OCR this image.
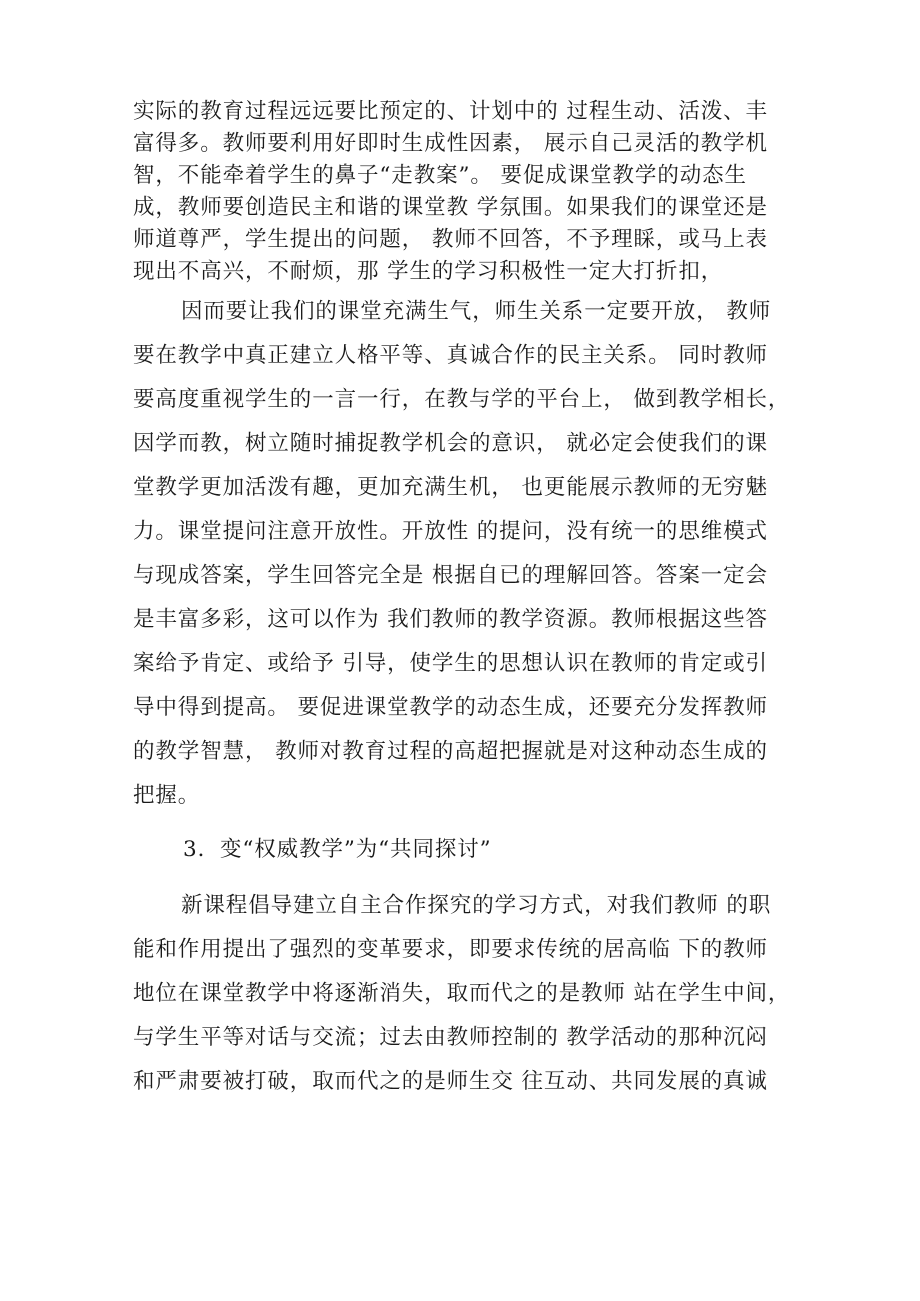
实际的教育过程远远要比预定的、计划中的 过程生动、活泼、丰
富得多。教师要利用好即时生成性因素， 展示自己灵活的教学机
智，不能牵着学生的鼻子“走教案”。 要促成课堂教学的动态生
成，教师要创造民主和谐的课堂教 学氛围。如果我们的课堂还是
师道尊严，学生提出的问题， 教师不回答，不予理睬，或马上表
现出不高兴，不耐烦，那 学生的学习积极性一定大打折扣，
因而要让我们的课堂充满生气，师生关系一定要开放， 教师
要在教学中真正建立人格平等、真诚合作的民主关系。 同时教师
要高度重视学生的一言一行，在教与学的平台上， 做到教学相长，
因学而教，树立随时捕捉教学机会的意识， 就必定会使我们的课
堂教学更加活泼有趣，更加充满生机， 也更能展示教师的无穷魅
力。课堂提问注意开放性。开放性 的提问，没有统一的思维模式
与现成答案，学生回答完全是 根据自已的理解回答。答案一定会
是丰富多彩，这可以作为 我们教师的教学资源。教师根据这些答
案给予肯定、或给予 引导，使学生的思想认识在教师的肯定或引
导中得到提高。 要促进课堂教学的动态生成，还要充分发挥教师
的教学智慧， 教师对教育过程的高超把握就是对这种动态生成的
把握。
3．变“权威教学”为“共同探讨”
新课程倡导建立自主合作探究的学习方式，对我们教师 的职
能和作用提出了强烈的变革要求，即要求传统的居高临 下的教师
地位在课堂教学中将逐渐消失，取而代之的是教师 站在学生中间，
与学生平等对话与交流；过去由教师控制的 教学活动的那种沉闷
和严肃要被打破，取而代之的是师生交 往互动、共同发展的真诚
